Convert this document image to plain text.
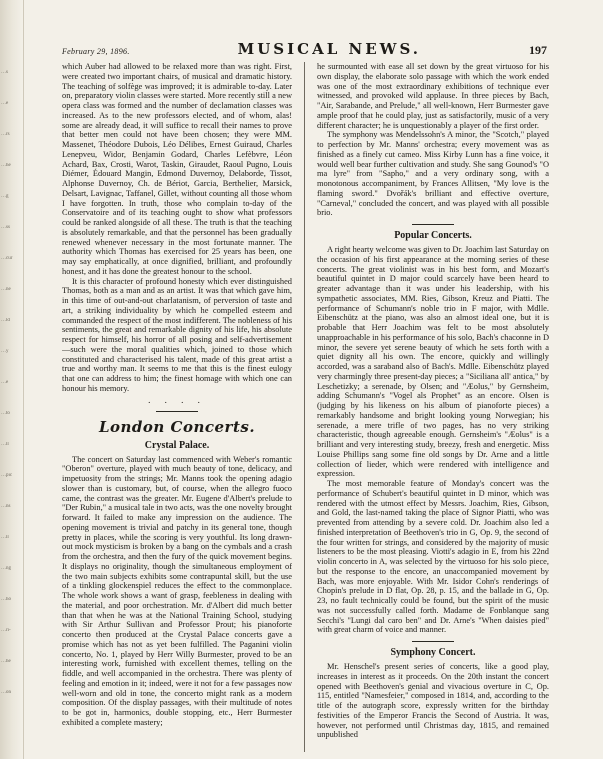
…s
…e
…rs
…he
…g
…ss
…cur
…ne
…ld
…y
…e
…to
…ll
…pic
…ns
…ll
…ng
…ho
…ri-
…he
…on
February 29, 1896.	MUSICAL NEWS.	197

which Auber had allowed to be relaxed more than was right. First, were created two important chairs, of musical and dramatic history. The teaching of solfège was improved; it is admirable to-day. Later on, preparatory violin classes were started. More recently still a new opera class was formed and the number of declamation classes was increased. As to the new professors elected, and of whom, alas! some are already dead, it will suffice to recall their names to prove that better men could not have been chosen; they were MM. Massenet, Théodore Dubois, Léo Délibes, Ernest Guiraud, Charles Lenepveu, Widor, Benjamin Godard, Charles Lefèbvre, Léon Achard, Bax, Crosti, Warot, Taskin, Giraudet, Raoul Pugno, Louis Diémer, Édouard Mangin, Edmond Duvernoy, Delaborde, Tissot, Alphonse Duvernoy, Ch. de Bériot, Garcia, Berthelier, Marsick, Delsart, Lavignac, Taffanel, Gillet, without counting all those whom I have forgotten. In truth, those who complain to-day of the Conservatoire and of its teaching ought to show what professors could be ranked alongside of all these. The truth is that the teaching is absolutely remarkable, and that the personnel has been gradually renewed whenever necessary in the most fortunate manner. The authority which Thomas has exercised for 25 years has been, one may say emphatically, at once dignified, brilliant, and profoundly honest, and it has done the greatest honour to the school.

It is this character of profound honesty which ever distinguished Thomas, both as a man and as an artist. It was that which gave him, in this time of out-and-out charlatanism, of perversion of taste and art, a striking individuality by which he compelled esteem and commanded the respect of the most indifferent. The nobleness of his sentiments, the great and remarkable dignity of his life, his absolute respect for himself, his horror of all posing and self-advertisement—such were the moral qualities which, joined to those which constituted and characterised his talent, made of this great artist a true and worthy man. It seems to me that this is the finest eulogy that one can address to him; the finest homage with which one can honour his memory.

. . . .
London Concerts.
Crystal Palace.

The concert on Saturday last commenced with Weber's romantic "Oberon" overture, played with much beauty of tone, delicacy, and impetuosity from the strings; Mr. Manns took the opening adagio slower than is customary, but, of course, when the allegro fuoco came, the contrast was the greater. Mr. Eugene d'Albert's prelude to "Der Rubin," a musical tale in two acts, was the one novelty brought forward. It failed to make any impression on the audience. The opening movement is trivial and patchy in its general tone, though pretty in places, while the scoring is very youthful. Its long drawn-out mock mysticism is broken by a bang on the cymbals and a crash from the orchestra, and then the fury of the quick movement begins. It displays no originality, though the simultaneous employment of the two main subjects exhibits some contrapuntal skill, but the use of a tinkling glockenspiel reduces the effect to the commonplace. The whole work shows a want of grasp, feebleness in dealing with the material, and poor orchestration. Mr. d'Albert did much better than that when he was at the National Training School, studying with Sir Arthur Sullivan and Professor Prout; his pianoforte concerto then produced at the Crystal Palace concerts gave a promise which has not as yet been fulfilled. The Paganini violin concerto, No. 1, played by Herr Willy Burmester, proved to be an interesting work, furnished with excellent themes, telling on the fiddle, and well accompanied in the orchestra. There was plenty of feeling and emotion in it; indeed, were it not for a few passages now well-worn and old in tone, the concerto might rank as a modern composition. Of the display passages, with their multitude of notes to be got in, harmonics, double stopping, etc., Herr Burmester exhibited a complete mastery;

he surmounted with ease all set down by the great virtuoso for his own display, the elaborate solo passage with which the work ended was one of the most extraordinary exhibitions of technique ever witnessed, and provoked wild applause. In three pieces by Bach, "Air, Sarabande, and Prelude," all well-known, Herr Burmester gave ample proof that he could play, just as satisfactorily, music of a very different character; he is unquestionably a player of the first order.

The symphony was Mendelssohn's A minor, the "Scotch," played to perfection by Mr. Manns' orchestra; every movement was as finished as a finely cut cameo. Miss Kirby Lunn has a fine voice, it would well bear further cultivation and study. She sang Gounod's "O ma lyre" from "Sapho," and a very ordinary song, with a monotonous accompaniment, by Frances Allitsen, "My love is the flaming sword." Dvořák's brilliant and effective overture, "Carneval," concluded the concert, and was played with all possible brio.

Popular Concerts.

A right hearty welcome was given to Dr. Joachim last Saturday on the occasion of his first appearance at the morning series of these concerts. The great violinist was in his best form, and Mozart's beautiful quintet in D major could scarcely have been heard to greater advantage than it was under his leadership, with his sympathetic associates, MM. Ries, Gibson, Kreuz and Piatti. The performance of Schumann's noble trio in F major, with Mdlle. Eibenschütz at the piano, was also an almost ideal one, but it is probable that Herr Joachim was felt to be most absolutely unapproachable in his performance of his solo, Bach's chaconne in D minor, the severe yet serene beauty of which he sets forth with a quiet dignity all his own. The encore, quickly and willingly accorded, was a saraband also of Bach's. Mdlle. Eibenschütz played very charmingly three present-day pieces; a "Siciliana all' antica," by Leschetizky; a serenade, by Olsen; and "Æolus," by Gernsheim, adding Schumann's "Vogel als Prophet" as an encore. Olsen is (judging by his likeness on his album of pianoforte pieces) a remarkably handsome and bright looking young Norwegian; his serenade, a mere trifle of two pages, has no very striking characteristic, though agreeable enough. Gernsheim's "Æolus" is a brilliant and very interesting study, breezy, fresh and energetic. Miss Louise Phillips sang some fine old songs by Dr. Arne and a little collection of lieder, which were rendered with intelligence and expression.

The most memorable feature of Monday's concert was the performance of Schubert's beautiful quintet in D minor, which was rendered with the utmost effect by Messrs. Joachim, Ries, Gibson, and Gold, the last-named taking the place of Signor Piatti, who was prevented from attending by a severe cold. Dr. Joachim also led a finished interpretation of Beethoven's trio in G, Op. 9, the second of the four written for strings, and considered by the majority of music listeners to be the most pleasing. Viotti's adagio in E, from his 22nd violin concerto in A, was selected by the virtuoso for his solo piece, but the response to the encore, an unaccompanied movement by Bach, was more enjoyable. With Mr. Isidor Cohn's renderings of Chopin's prelude in D flat, Op. 28, p. 15, and the ballade in G, Op. 23, no fault technically could be found, but the spirit of the music was not successfully called forth. Madame de Fonblanque sang Secchi's "Lungi dal caro ben" and Dr. Arne's "When daisies pied" with great charm of voice and manner.

Symphony Concert.

Mr. Henschel's present series of concerts, like a good play, increases in interest as it proceeds. On the 20th instant the concert opened with Beethoven's genial and vivacious overture in C, Op. 115, entitled "Namesfeier," composed in 1814, and, according to the title of the autograph score, expressly written for the birthday festivities of the Emperor Francis the Second of Austria. It was, however, not performed until Christmas day, 1815, and remained unpublished
